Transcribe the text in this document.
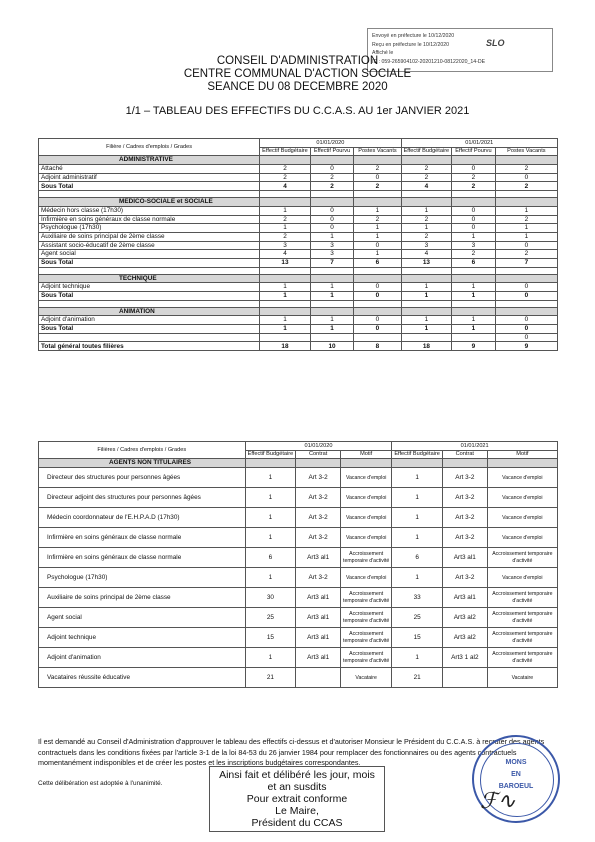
Envoyé en préfecture le 10/12/2020
Reçu en préfecture le 10/12/2020
Affiché le
ID : 059-265904102-20201210-08122020_14-DE
SLO
CONSEIL D'ADMINISTRATION
CENTRE COMMUNAL D'ACTION SOCIALE
SEANCE DU 08 DECEMBRE 2020
1/1 – TABLEAU DES EFFECTIFS DU C.C.A.S. AU 1er JANVIER 2021
Filière / Cadres d'emplois / Grades	01/01/2020			01/01/2021		
	Effectif Budgétaire	Effectif Pourvu	Postes Vacants	Effectif Budgétaire	Effectif Pourvu	Postes Vacants
ADMINISTRATIVE						
Attaché	2	0	2	2	0	2
Adjoint administratif	2	2	0	2	2	0
Sous Total	4	2	2	4	2	2

MEDICO-SOCIALE et SOCIALE						
Médecin hors classe (17h30)	1	0	1	1	0	1
Infirmière en soins généraux de classe normale	2	0	2	2	0	2
Psychologue (17h30)	1	0	1	1	0	1
Auxiliaire de soins principal de 2ème classe	2	1	1	2	1	1
Assistant socio-éducatif de 2ème classe	3	3	0	3	3	0
Agent social	4	3	1	4	2	2
Sous Total	13	7	6	13	6	7

TECHNIQUE						
Adjoint technique	1	1	0	1	1	0
Sous Total	1	1	0	1	1	0

ANIMATION						
Adjoint d'animation	1	1	0	1	1	0
Sous Total	1	1	0	1	1	0
						0
Total général toutes filières	18	10	8	18	9	9
Filières / Cadres d'emplois / Grades	01/01/2020			01/01/2021		
	Effectif Budgétaire	Contrat	Motif	Effectif Budgétaire	Contrat	Motif
AGENTS NON TITULAIRES						
Directeur des structures pour personnes âgées	1	Art 3-2	Vacance d'emploi	1	Art 3-2	Vacance d'emploi
Directeur adjoint des structures pour personnes âgées	1	Art 3-2	Vacance d'emploi	1	Art 3-2	Vacance d'emploi
Médecin coordonnateur de l'E.H.P.A.D (17h30)	1	Art 3-2	Vacance d'emploi	1	Art 3-2	Vacance d'emploi
Infirmière en soins généraux de classe normale	1	Art 3-2	Vacance d'emploi	1	Art 3-2	Vacance d'emploi
Infirmière en soins généraux de classe normale	6	Art3 al1	Accroissement temporaire d'activité	6	Art3 al1	Accroissement temporaire d'activité
Psychologue (17h30)	1	Art 3-2	Vacance d'emploi	1	Art 3-2	Vacance d'emploi
Auxiliaire de soins principal de 2ème classe	30	Art3 al1	Accroissement temporaire d'activité	33	Art3 al1	Accroissement temporaire d'activité
Agent social	25	Art3 al1	Accroissement temporaire d'activité	25	Art3 al2	Accroissement temporaire d'activité
Adjoint technique	15	Art3 al1	Accroissement temporaire d'activité	15	Art3 al2	Accroissement temporaire d'activité
Adjoint d'animation	1	Art3 al1	Accroissement temporaire d'activité	1	Art3 1 al2	Accroissement temporaire d'activité
Vacataires réussite éducative	21		Vacataire	21		Vacataire
Il est demandé au Conseil d'Administration d'approuver le tableau des effectifs ci-dessus et d'autoriser Monsieur le Président du C.C.A.S. à recruter des agents contractuels dans les conditions fixées par l'article 3-1 de la loi 84-53 du 26 janvier 1984 pour remplacer des fonctionnaires ou des agents contractuels momentanément indisponibles et de créer les postes et les inscriptions budgétaires correspondantes.
Cette délibération est adoptée à l'unanimité.
Ainsi fait et délibéré les jour, mois
et an susdits
Pour extrait conforme
Le Maire,
Président du CCAS
MONS
EN
BAROEUL
ℱ∿
